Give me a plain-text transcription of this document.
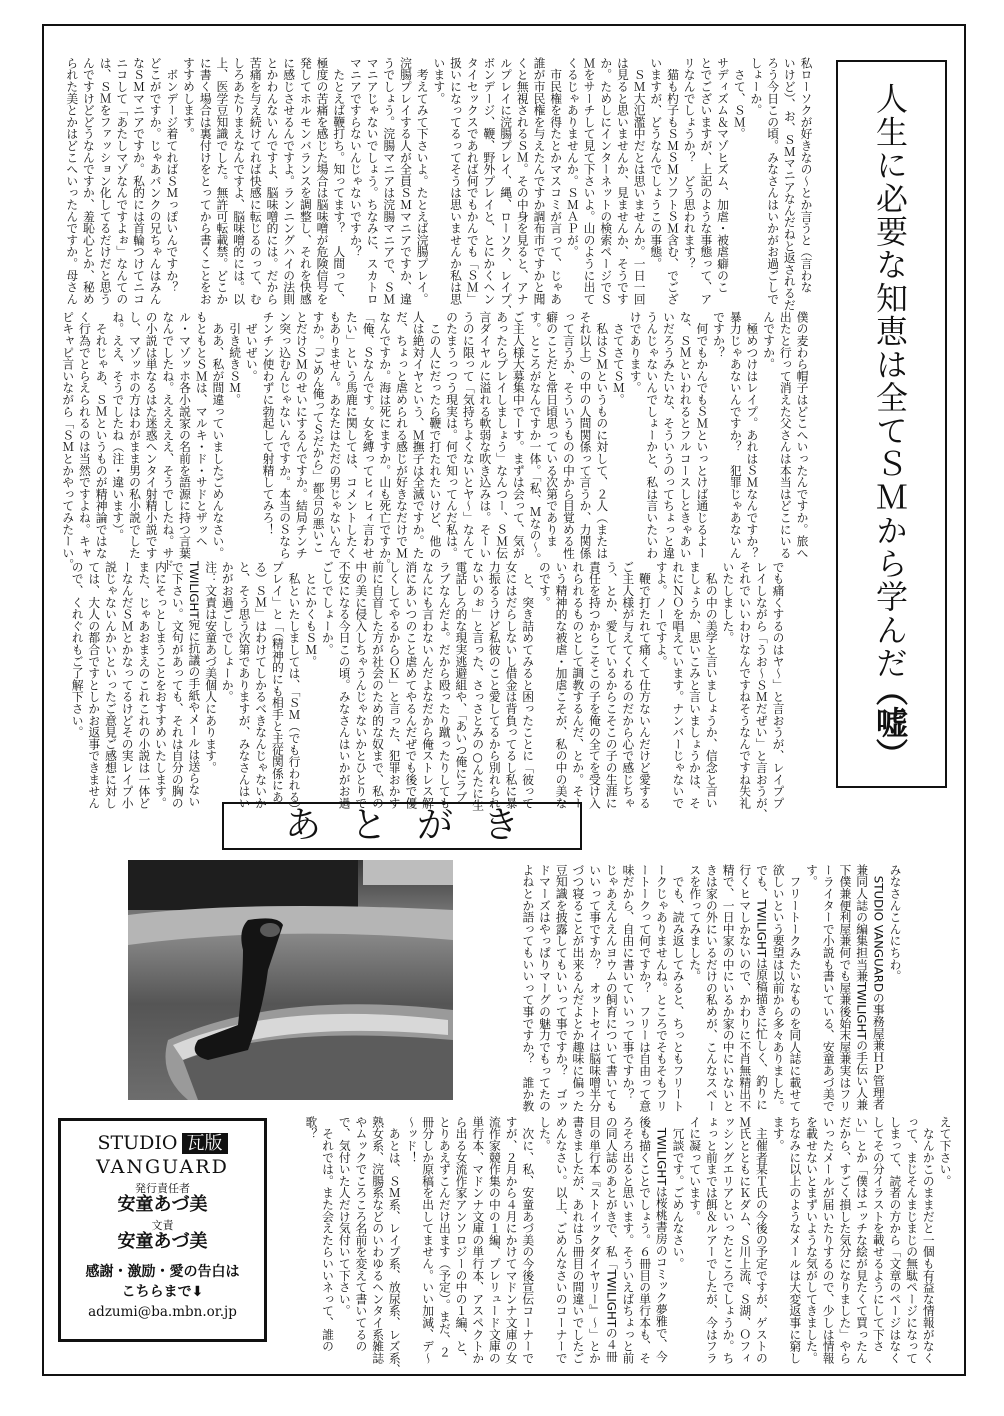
人生に必要な知恵は全てＳＭから学んだ
（嘘）
私ローソクが好きなの〜とか言うと（言わな
いけど）、お、ＳＭマニアなんだねと返されるだ
ろう今日この頃。みなさんはいかがお過ごしで
しょーか。
　さて、ＳＭ。
サディズム＆マゾヒズム、加虐・被虐癖のこ
とでございますが、上記のような事態って、ア
リなんでしょうか？　どう思われます？
　猫も杓子もＳＭＳＭソフトＳＭ含む、でござ
いますが、どうなんでしょうこの事態。
　ＳＭ大氾濫中だとは思いませんか。一日一回
は見ると思いませんか、見ませんか、そうです
か。ためしにインターネットの検索ページでＳ
Ｍをサーチして見て下さいよ。山のように出て
くるじゃありませんか。ＳＭＡＰが。
　市民権を得たとかマスコミが言って、じゃあ
誰が市民権を与えたんですか調布市ですかと聞
くと無視されるＳＭ。その中身を見ると、アナ
ルプレイに浣腸プレイ、縄、ローソク、レイプ、
ボンデージ、鞭、野外プレイと、とにかくヘン
タイセックスであれば何でもかんでも「ＳＭ」
扱いになってるってそうは思いませんか私は思
います。
　考えてみて下さいよ。たとえば浣腸プレイ。
浣腸プレイする人が全員ＳＭマニアですか、違
うでしょう。浣腸マニアは浣腸マニアで、ＳＭ
マニアじゃないでしょう。ちなみに、スカトロ
マニアですらないんじゃないですか？
　たとえば鞭打ち。知ってます？　人間って、
極度の苦痛を感じた場合は脳味噌が危険信号を
発してホルモンバランスを調整し、それを快感
に感じさせるんですよ。ランニングハイの法則
とかわんないんですよ、脳味噌的には。だから
苦痛を与え続けてれば快感に転じるのって、む
しろあたりまえなんですよ、脳味噌的には。以
上、医学豆知識でした。無許可転載禁。どこか
に書く場合は裏付けをとってから書くことをお
すすめします。
　ボンデージ着てればＳＭっぽいんですか？
どこがですか。じゃあパンクの兄ちゃんはみん
なＳＭマニアですか。私的には首輪つけてニコ
ニコして「あたしマゾなんですよぉ」なんての
は、ＳＭをファッション化してるだけだと思う
んですけどどうなんですか、羞恥心とか、秘め
られた美とかはどこへいったんですか。母さん
僕の麦わら帽子はどこへいったんですか。旅へ
出たと行って消えた父さんは本当はどこにいる
んですか。
　極めつけはレイプ。あれはＳＭなんですか？
暴力じゃあないんですか？　犯罪じゃあないん
ですか？
　何でもかんでもＳＭといっとけば通じるよー
な、ＳＭといわれるとフルコースしときゃあい
いだろうみたいな、そういうのってちょっと違
うんじゃないんでしょーかと、私は言いたいわ
けであります。
　さてさてＳＭ。
　私はＳＭというものに対して、２人（または
それ以上）の中の人間関係って言うか、力関係
って言うか、そういうものの中から目覚める性
癖のことだと常日頃思っている次第でありま
す。ところがなんですか一体。「私、Ｍなの〜。
ご主人様大募集中でーす。まずは会って、気が
あったらプレイしましょう」なんつー、ＳＭ伝
言ダイヤルに溢れる軟弱な吹き込みは。そーい
うのに限って「気持ちよくないとヤ〜」なんて
のたまうっつう現実は。何で知ってんだ私は。
　この人にだったら鞭で打たれたいけど、他の
人は絶対イヤという、Ｍ撫子は全滅ですか。た
だ、ちょっと虐められる感じが好きなだけでＭ
なんですか。海は死にますか。山も死亡ですか。
「俺、Ｓなんです。女を縛ってヒィヒィ言わせ
たい」という馬鹿に関しては、コメントしたく
もありません。あなたはただの男じゃないんで
すか。「ごめん俺ってＳだから」都合の悪いこ
とだけＳＭのせいにするんですか。結局チンチ
ン突っ込むんじゃないんですか。本当のＳなら
チンチン使わずに勃起して射精してみろ！
　ぜいぜい。
　引き続きＳＭ。
　ああ、私が間違っていましたごめんなさい。
もともとＳＭは、マルキ・ド・サドとザッヘ
ル・マゾッホ各小説家の名前を語源に持つ言葉
なんでしたね。えええええ、そうでしたね。サド
の小説は単なるはた迷惑ヘンタイ射精小説です
し、マゾッホの方はわがまま男の私小説でした
ね。ええ、そうでしたね（注・違います）。
　それじゃあ、ＳＭというものが精神論ではな
く行為でとらえられるのは当然ですよね。キャ
ピキャピ言いながら「ＳＭとかやってみたーい。
でも痛くするのはヤ〜」と言おうが、レイププ
レイしながら「うお〜ＳＭだぜい」と言おうが、
それでいいわけなんですねそうなんですね失礼
いたしました。
　私の中の美学と言いましょうか、信念と言い
ましょうか、思いこみと言いましょうかは、そ
れにＮＯを唱えています。ナンバーじゃないで
すよ。ノーですよ。
　鞭で打たれて痛くて仕方ないんだけど愛する
ご主人様が与えてくれるのだから心で感じちゃ
う、とか、愛しているからこそこの子の生涯に
責任を持つからこそこの子を俺の全てを受け入
れられるものとして調教するんだ、とか。そー
いう精神的な被虐・加虐こそが、私の中の美な
のです。
　と、突き詰めてみると困ったことに「彼って
女にはだらしないし借金は背負ってるし私に暴
力振るうけど私彼のこと愛してるから別れられ
ないのぉ」と言った、さっさとみの○んたに生
電話しろ的な現実逃避組や、「あいつ俺にラブ
ラブなんだよ。だから殴ったり蹴ったりしても
なんにも言わないんだよなだから俺ストレス解
消にあいつのこと虐めてやるんだぜでも後で優
しくしてやるからＯＫ」と言った、犯罪おかす
前に自首した方が社会のため的な奴まで、私の
中の美に侵入しちゃうんじゃないかとひとりで
不安になる今日この頃。みなさんはいかがお過
ごしでしょーか。
　とにかくもＳＭ。
　私といたしましては、「ＳＭ（でも行われる）
プレイ」と「（精神的にも相手と主従関係にあ
る）ＳＭ」はわけてしかるべきなんじゃないか
と、そう思う次第でありますが、みなさんはい
かがお過ごしでしょーか。
注：文責は安童あづ美個人にあります。
TWILIGHT宛に抗議の手紙やメールは送らない
で下さい。文句があっても、それは自分の胸の
内にそっとしまうことをおすすめいたします。
また、じゃあおまえのこれこれの小説は一体ど
ーなんだＳＭとかなってるけどその実レイプ小
説じゃないんかいといったご意見ご感想に対し
ては、大人の都合ですとしかお返事できません
ので、くれぐれもご了解下さい。
あとがき
みなさんこんにちわ。
　STUDIO VANGUARDの事務屋兼ＨＰ管理者
兼同人誌の編集担当兼TWILIGHTの手伝い人兼
下僕兼便利屋兼何でも屋兼後始末屋兼実はフリ
ーライターで小説も書いている、安童あづ美で
す。
　フリートークみたいなものを同人誌に載せて
欲しいという要望は以前から多々ありました。
でも、TWILIGHTは原稿描きに忙しく、釣りに
行くヒマしかないので、かわりに不肖無精出不
精で、一日中家の中にいるか家の中にいないと
きは家の外にいるだけの私めが、こんなスペー
スを作ってみました。
　でも、読み返してみると、ちっともフリート
ークじゃありませんね。ところでそもそもフリ
ートークって何ですか？　フリーは自由って意
味だから、自由に書いていいって事ですか？
じゃあえんえんヨウムの飼育について書いても
いいって事ですか？　オットセイは脳味噌半分
づつ寝ることが出来るんだよとか趣味に偏った
豆知識を披露してもいいって事ですか？　ゴッ
ドマーズはやっぱりマーグの魅力でもってたの
よねとか語ってもいいって事ですか？　誰か教
えて下さい。
　なんかこのままだと一個も有益な情報がなく
って、まじそんまじまじの無駄ページになって
しまって、読者の方から「文章のページはなく
してその分イラストを載せるようにして下さ
い」とか「僕はエッチな絵が見たくて買ったん
だから、すごく損した気分になりました」やら
いったメールが届いたりするので、少しは情報
を載せないとまずいような気がしてきました。
ちなみに以上のようなメールは大変返事に窮し
ます。
　主催者某Ｔ氏の今後の予定ですが、ゲストの
Ｍ氏とともにＫダム、Ｓ川上流、Ｓ湖、Ｏフィ
ッシングエリアといったところでしょうか。ち
ょっと前までは餌＆ルアーでしたが、今はフラ
イに凝っています。
　冗談です。ごめんなさい。
　TWILIGHTは桜桃書房のコミック夢雅で、今
後も描くことでしょう。６冊目の単行本も、そ
ろそろ出ると思います。そういえばちょっと前
の同人誌のあとがきで、私「TWILIGHTの４冊
目の単行本『ストイックダイヤリー』〜」とか
書きましたが、あれは５冊目の間違いでしたご
めんなさい。以上、ごめんなさいのコーナーで
した。
　次に、私、安童あづ美の今後宣伝コーナーで
すが、２月から４月にかけてマドンナ文庫の女
流作家競作集の中の１編、プレリュード文庫の
単行本、マドンナ文庫の単行本、アスペクトか
ら出る女流作家アンソロジーの中の１編、と、
とりあえずこんだけ出ます（予定）。まだ、２
冊分しか原稿を出してません。いい加減、デ〜
〜ッド！
　あとは、ＳＭ系、レイプ系、放尿系、レズ系、
熟女系、浣腸系などのいわゆるヘンタイ系雑誌
やムックでころころ名前を変えて書いてるの
で、気付いた人だけ気付いて下さい。
　それでは。また会えたらいいネって、誰の
歌？
STUDIO 瓦版
VANGUARD
発行責任者
安童あづ美
文責
安童あづ美
感謝・激励・愛の告白は
こちらまで⬇
adzumi@ba.mbn.or.jp
